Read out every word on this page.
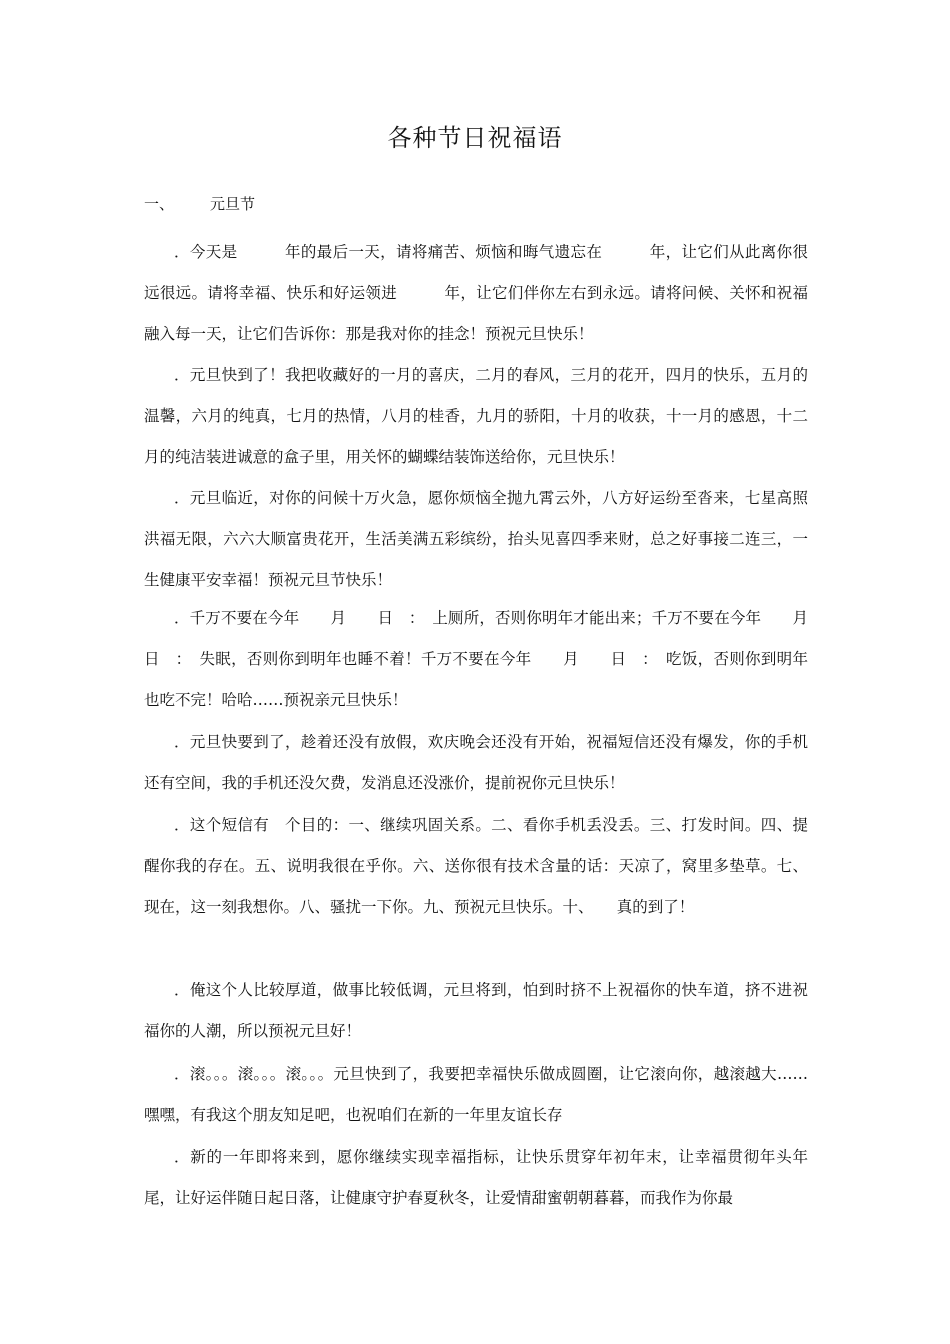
各种节日祝福语
一、 元旦节
．今天是　　　年的最后一天，请将痛苦、烦恼和晦气遗忘在　　　年，让它们从此离你很远很远。请将幸福、快乐和好运领进　　　年，让它们伴你左右到永远。请将问候、关怀和祝福融入每一天，让它们告诉你：那是我对你的挂念！预祝元旦快乐！
．元旦快到了！我把收藏好的一月的喜庆，二月的春风，三月的花开，四月的快乐，五月的温馨，六月的纯真，七月的热情，八月的桂香，九月的骄阳，十月的收获，十一月的感恩，十二月的纯洁装进诚意的盒子里，用关怀的蝴蝶结装饰送给你，元旦快乐！
．元旦临近，对你的问候十万火急，愿你烦恼全抛九霄云外，八方好运纷至沓来，七星高照洪福无限，六六大顺富贵花开，生活美满五彩缤纷，抬头见喜四季来财，总之好事接二连三，一生健康平安幸福！预祝元旦节快乐！
．千万不要在今年　　月　　日　：　上厕所，否则你明年才能出来；千万不要在今年　　月　　日　：　失眠，否则你到明年也睡不着！千万不要在今年　　月　　日　：　吃饭，否则你到明年也吃不完！哈哈……预祝亲元旦快乐！
．元旦快要到了，趁着还没有放假，欢庆晚会还没有开始，祝福短信还没有爆发，你的手机还有空间，我的手机还没欠费，发消息还没涨价，提前祝你元旦快乐！
．这个短信有　个目的：一、继续巩固关系。二、看你手机丢没丢。三、打发时间。四、提醒你我的存在。五、说明我很在乎你。六、送你很有技术含量的话：天凉了，窝里多垫草。七、现在，这一刻我想你。八、骚扰一下你。九、预祝元旦快乐。十、　　真的到了！
．俺这个人比较厚道，做事比较低调，元旦将到，怕到时挤不上祝福你的快车道，挤不进祝福你的人潮，所以预祝元旦好！
．滚。。。滚。。。滚。。。元旦快到了，我要把幸福快乐做成圆圈，让它滚向你，越滚越大……嘿嘿，有我这个朋友知足吧，也祝咱们在新的一年里友谊长存
．新的一年即将来到，愿你继续实现幸福指标，让快乐贯穿年初年末，让幸福贯彻年头年尾，让好运伴随日起日落，让健康守护春夏秋冬，让爱情甜蜜朝朝暮暮，而我作为你最
